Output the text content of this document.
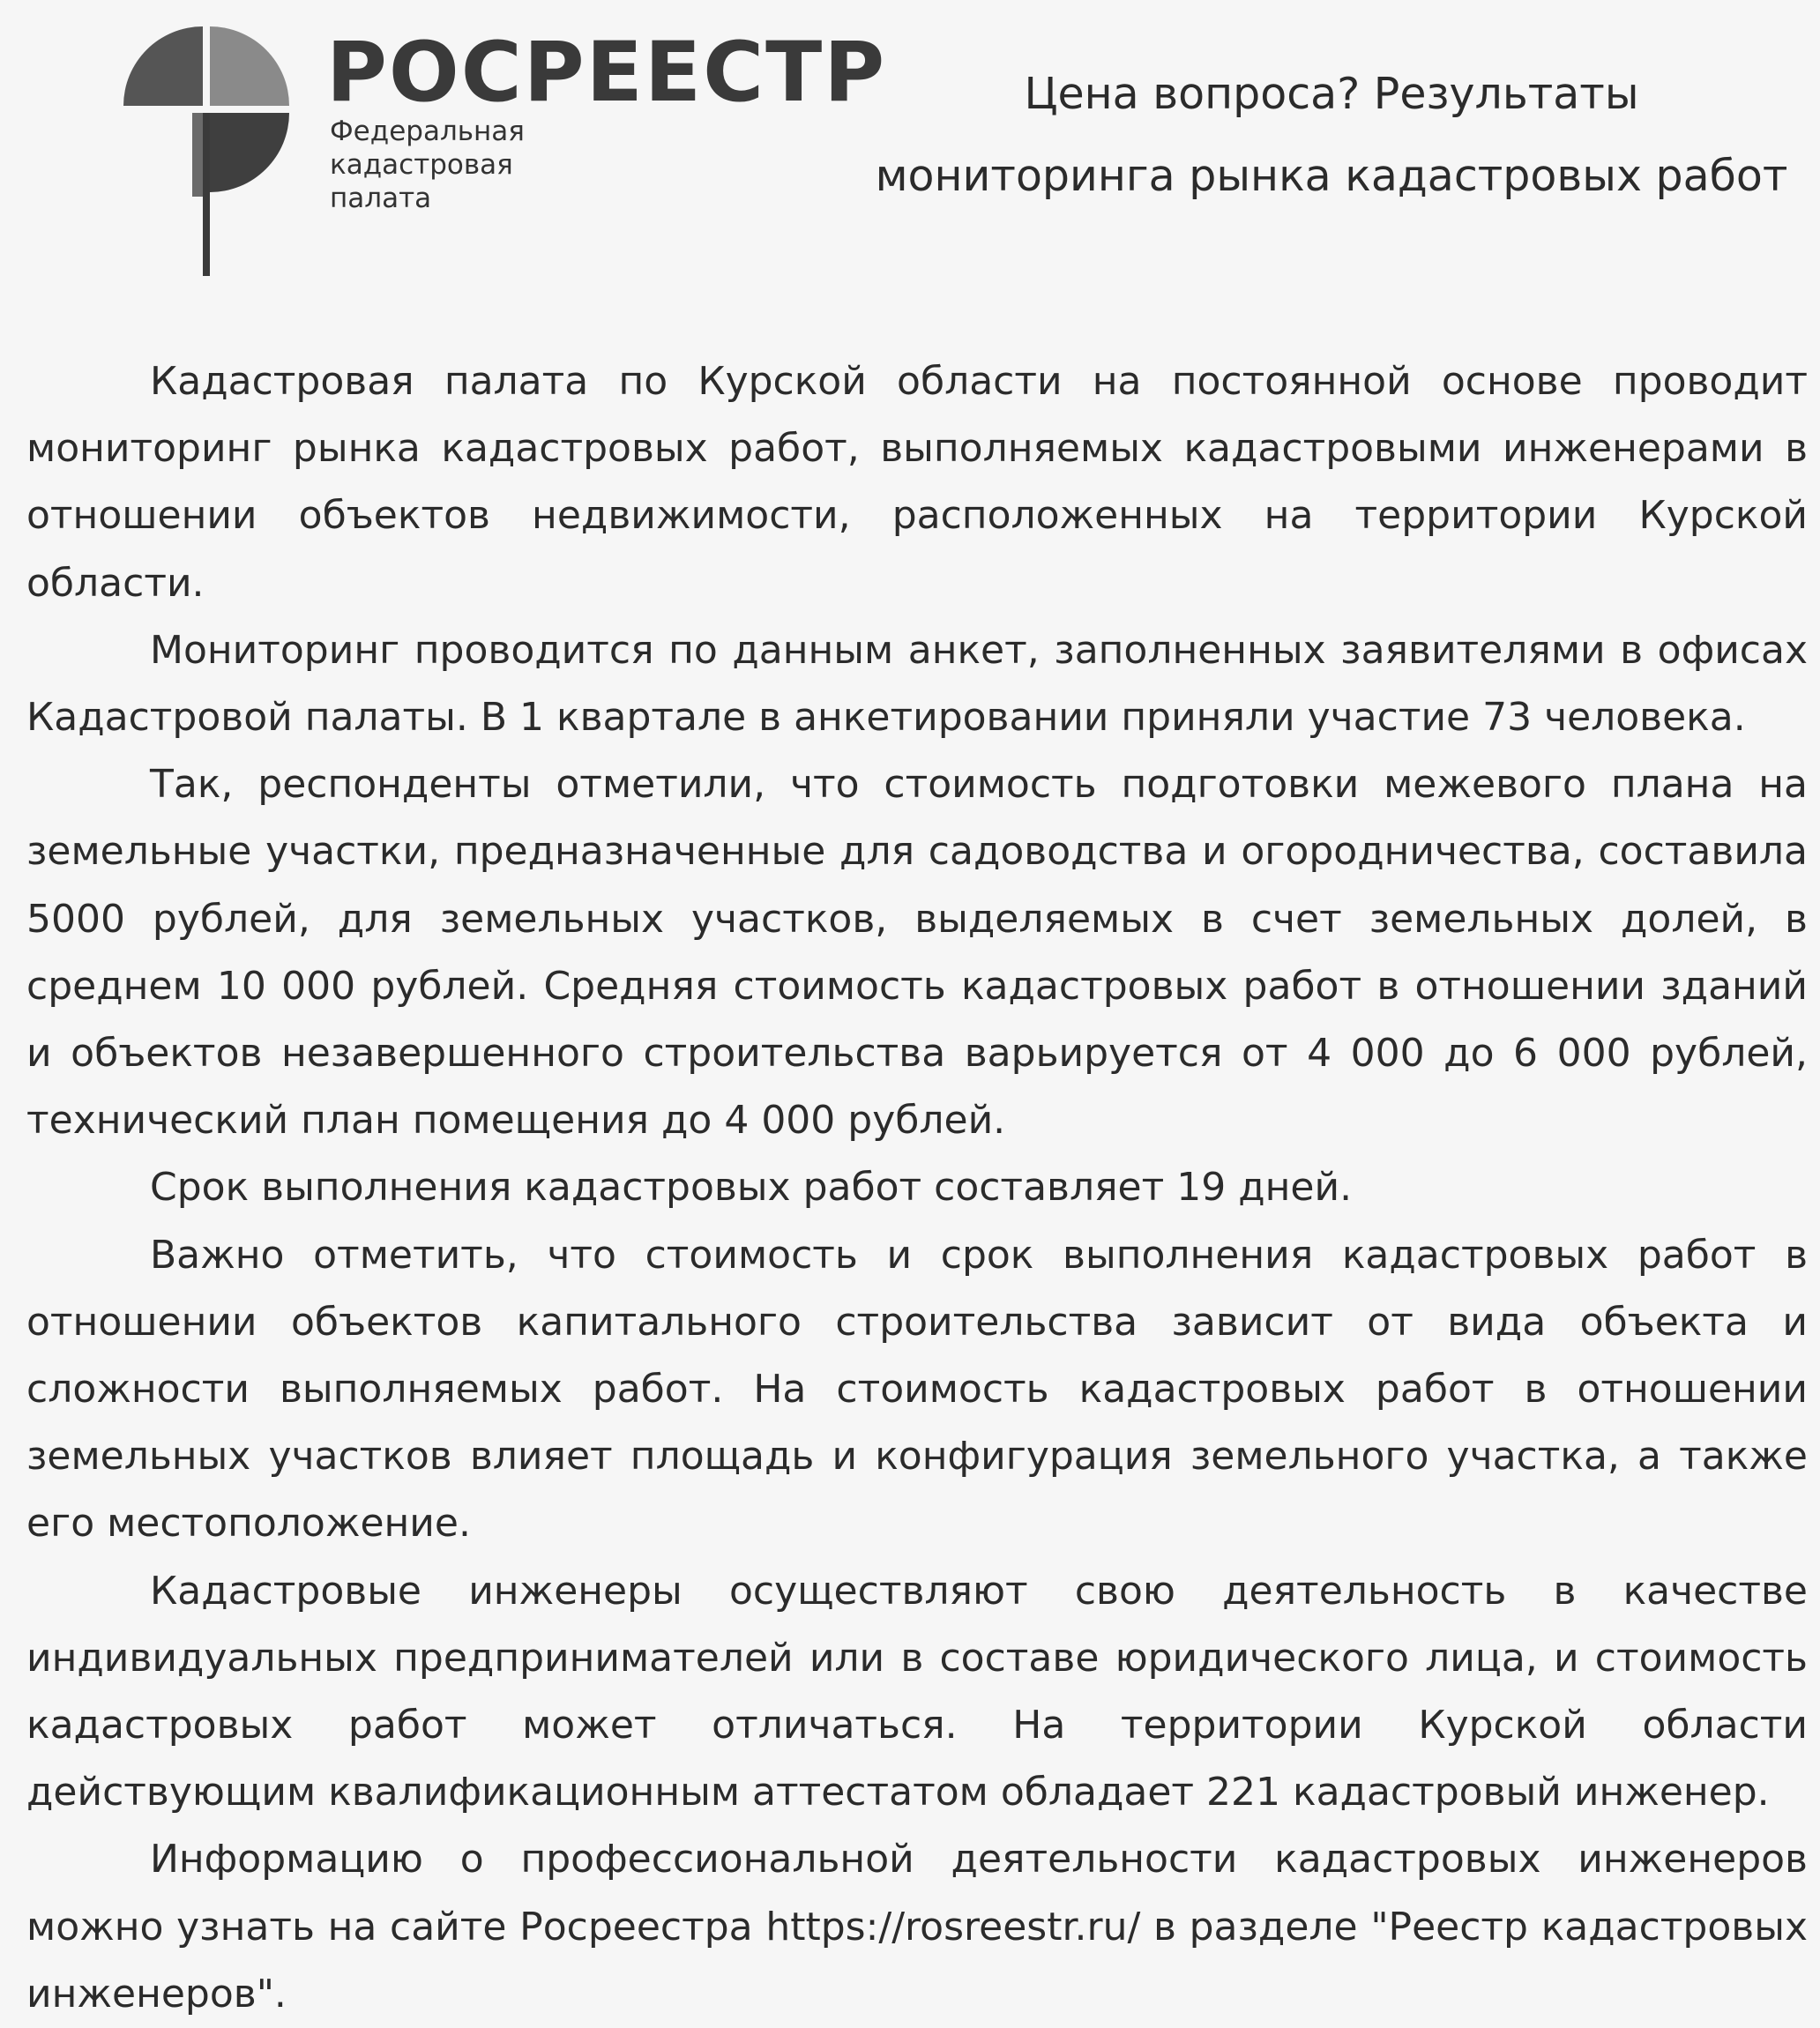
РОСРЕЕСТР
Федеральная
кадастровая
палата
Цена вопроса? Результаты
мониторинга рынка кадастровых работ

Кадастровая палата по Курской области на постоянной основе проводит мониторинг рынка кадастровых работ, выполняемых кадастровыми инженерами в отношении объектов недвижимости, расположенных на территории Курской области.

Мониторинг проводится по данным анкет, заполненных заявителями в офисах Кадастровой палаты. В 1 квартале в анкетировании приняли участие 73 человека.

Так, респонденты отметили, что стоимость подготовки межевого плана на земельные участки, предназначенные для садоводства и огородничества, составила 5000 рублей, для земельных участков, выделяемых в счет земельных долей, в среднем 10 000 рублей. Средняя стоимость кадастровых работ в отношении зданий и объектов незавершенного строительства варьируется от 4 000 до 6 000 рублей, технический план помещения до 4 000 рублей.

Срок выполнения кадастровых работ составляет 19 дней.

Важно отметить, что стоимость и срок выполнения кадастровых работ в отношении объектов капитального строительства зависит от вида объекта и сложности выполняемых работ. На стоимость кадастровых работ в отношении земельных участков влияет площадь и конфигурация земельного участка, а также его местоположение.

Кадастровые инженеры осуществляют свою деятельность в качестве индивидуальных предпринимателей или в составе юридического лица, и стоимость кадастровых работ может отличаться. На территории Курской области действующим квалификационным аттестатом обладает 221 кадастровый инженер.

Информацию о профессиональной деятельности кадастровых инженеров можно узнать на сайте Росреестра https://rosreestr.ru/ в разделе "Реестр кадастровых инженеров".
